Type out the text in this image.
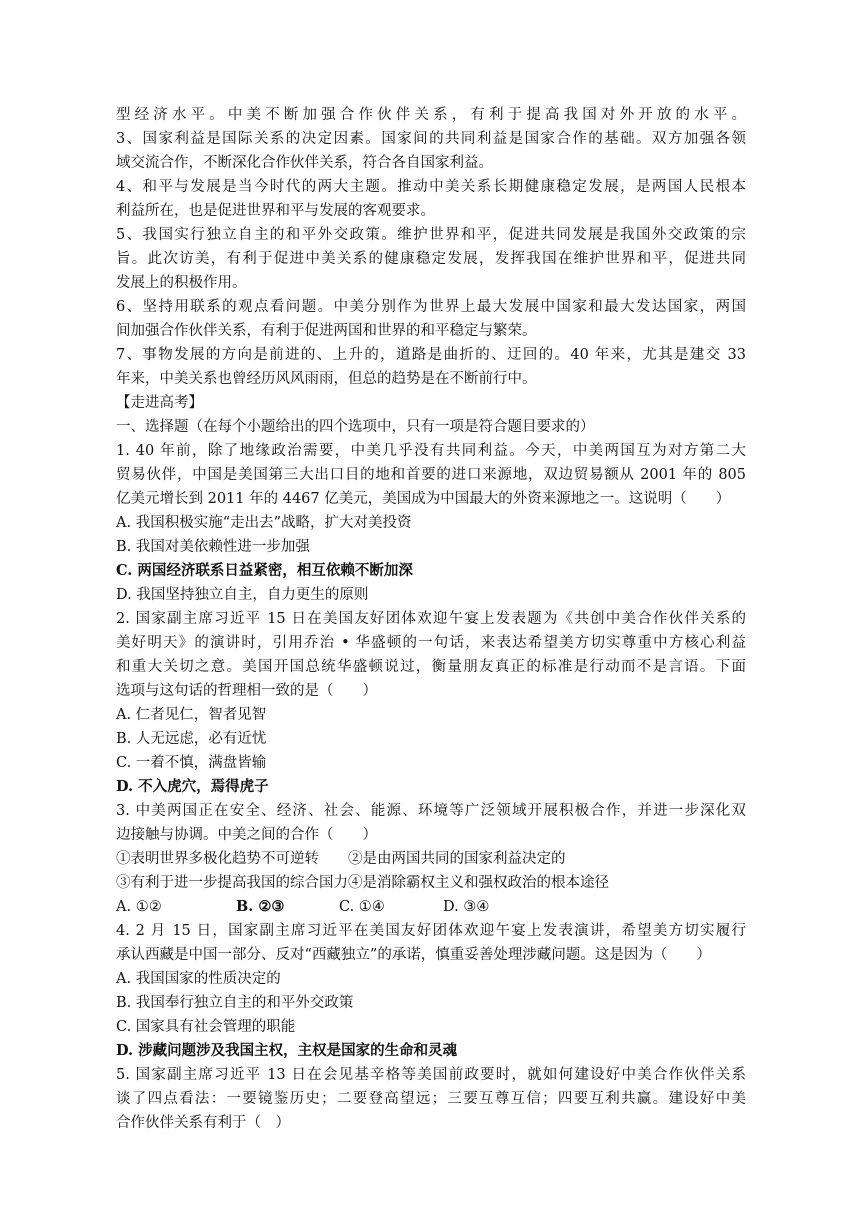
型经济水平。中美不断加强合作伙伴关系，有利于提高我国对外开放的水平。
3、国家利益是国际关系的决定因素。国家间的共同利益是国家合作的基础。双方加强各领
域交流合作，不断深化合作伙伴关系，符合各自国家利益。
4、和平与发展是当今时代的两大主题。推动中美关系长期健康稳定发展，是两国人民根本
利益所在，也是促进世界和平与发展的客观要求。
5、我国实行独立自主的和平外交政策。维护世界和平，促进共同发展是我国外交政策的宗
旨。此次访美，有利于促进中美关系的健康稳定发展，发挥我国在维护世界和平，促进共同
发展上的积极作用。
6、坚持用联系的观点看问题。中美分别作为世界上最大发展中国家和最大发达国家，两国
间加强合作伙伴关系，有利于促进两国和世界的和平稳定与繁荣。
7、事物发展的方向是前进的、上升的，道路是曲折的、迂回的。40 年来，尤其是建交 33
年来，中美关系也曾经历风风雨雨，但总的趋势是在不断前行中。
【走进高考】
一、选择题（在每个小题给出的四个选项中，只有一项是符合题目要求的）
1. 40 年前，除了地缘政治需要，中美几乎没有共同利益。今天，中美两国互为对方第二大
贸易伙伴，中国是美国第三大出口目的地和首要的进口来源地，双边贸易额从 2001 年的 805
亿美元增长到 2011 年的 4467 亿美元，美国成为中国最大的外资来源地之一。这说明（　　）
A. 我国积极实施“走出去”战略，扩大对美投资
B. 我国对美依赖性进一步加强
C. 两国经济联系日益紧密，相互依赖不断加深
D. 我国坚持独立自主，自力更生的原则
2. 国家副主席习近平 15 日在美国友好团体欢迎午宴上发表题为《共创中美合作伙伴关系的
美好明天》的演讲时，引用乔治 • 华盛顿的一句话，来表达希望美方切实尊重中方核心利益
和重大关切之意。美国开国总统华盛顿说过，衡量朋友真正的标准是行动而不是言语。下面
选项与这句话的哲理相一致的是（　　）
A. 仁者见仁，智者见智
B. 人无远虑，必有近忧
C. 一着不慎，满盘皆输
D. 不入虎穴，焉得虎子
3. 中美两国正在安全、经济、社会、能源、环境等广泛领域开展积极合作，并进一步深化双
边接触与协调。中美之间的合作（　　）
①表明世界多极化趋势不可逆转　　②是由两国共同的国家利益决定的
③有利于进一步提高我国的综合国力④是消除霸权主义和强权政治的根本途径
A. ①②	B. ②③	C. ①④	D. ③④
4. 2 月 15 日，国家副主席习近平在美国友好团体欢迎午宴上发表演讲，希望美方切实履行
承认西藏是中国一部分、反对“西藏独立”的承诺，慎重妥善处理涉藏问题。这是因为（　　）
A. 我国国家的性质决定的
B. 我国奉行独立自主的和平外交政策
C. 国家具有社会管理的职能
D. 涉藏问题涉及我国主权，主权是国家的生命和灵魂
5. 国家副主席习近平 13 日在会见基辛格等美国前政要时，就如何建设好中美合作伙伴关系
谈了四点看法：一要镜鉴历史；二要登高望远；三要互尊互信；四要互利共赢。建设好中美
合作伙伴关系有利于（　）
